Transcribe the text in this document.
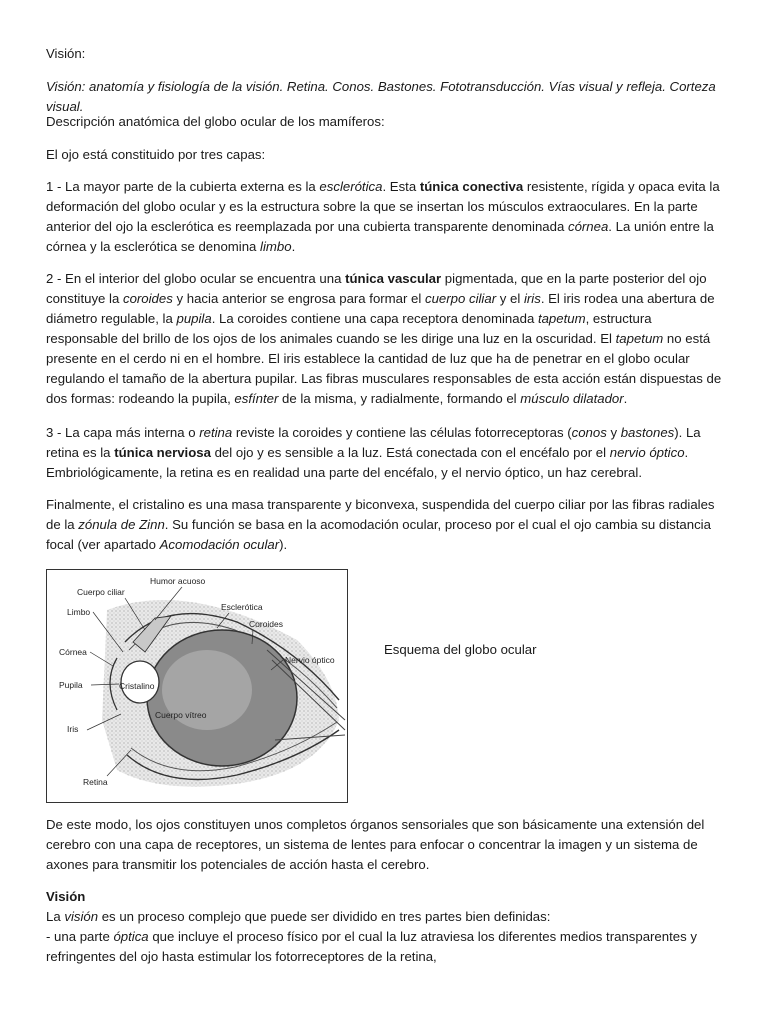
Visión:

Visión: anatomía y fisiología de la visión. Retina. Conos. Bastones. Fototransducción. Vías visual y refleja. Corteza visual.

Descripción anatómica del globo ocular de los mamíferos:

El ojo está constituido por tres capas:

1 - La mayor parte de la cubierta externa es la esclerótica. Esta túnica conectiva resistente, rígida y opaca evita la deformación del globo ocular y es la estructura sobre la que se insertan los músculos extraoculares. En la parte anterior del ojo la esclerótica es reemplazada por una cubierta transparente denominada córnea. La unión entre la córnea y la esclerótica se denomina limbo.

2 - En el interior del globo ocular se encuentra una túnica vascular pigmentada, que en la parte posterior del ojo constituye la coroides y hacia anterior se engrosa para formar el cuerpo ciliar y el iris. El iris rodea una abertura de diámetro regulable, la pupila. La coroides contiene una capa receptora denominada tapetum, estructura responsable del brillo de los ojos de los animales cuando se les dirige una luz en la oscuridad. El tapetum no está presente en el cerdo ni en el hombre. El iris establece la cantidad de luz que ha de penetrar en el globo ocular regulando el tamaño de la abertura pupilar. Las fibras musculares responsables de esta acción están dispuestas de dos formas: rodeando la pupila, esfínter de la misma, y radialmente, formando el músculo dilatador.

3 - La capa más interna o retina reviste la coroides y contiene las células fotorreceptoras (conos y bastones). La retina es la túnica nerviosa del ojo y es sensible a la luz. Está conectada con el encéfalo por el nervio óptico. Embriológicamente, la retina es en realidad una parte del encéfalo, y el nervio óptico, un haz cerebral.

Finalmente, el cristalino es una masa transparente y biconvexa, suspendida del cuerpo ciliar por las fibras radiales de la zónula de Zinn. Su función se basa en la acomodación ocular, proceso por el cual el ojo cambia su distancia focal (ver apartado Acomodación ocular).

Humor acuoso
Cuerpo ciliar
Esclerótica
Limbo
Coroides
Córnea
Nervio óptico
Pupila	Cristalino
Iris
Cuerpo vítreo
Retina

Esquema del globo ocular

De este modo, los ojos constituyen unos completos órganos sensoriales que son básicamente una extensión del cerebro con una capa de receptores, un sistema de lentes para enfocar o concentrar la imagen y un sistema de axones para transmitir los potenciales de acción hasta el cerebro.

Visión

La visión es un proceso complejo que puede ser dividido en tres partes bien definidas:

- una parte óptica que incluye el proceso físico por el cual la luz atraviesa los diferentes medios transparentes y refringentes del ojo hasta estimular los fotorreceptores de la retina,
